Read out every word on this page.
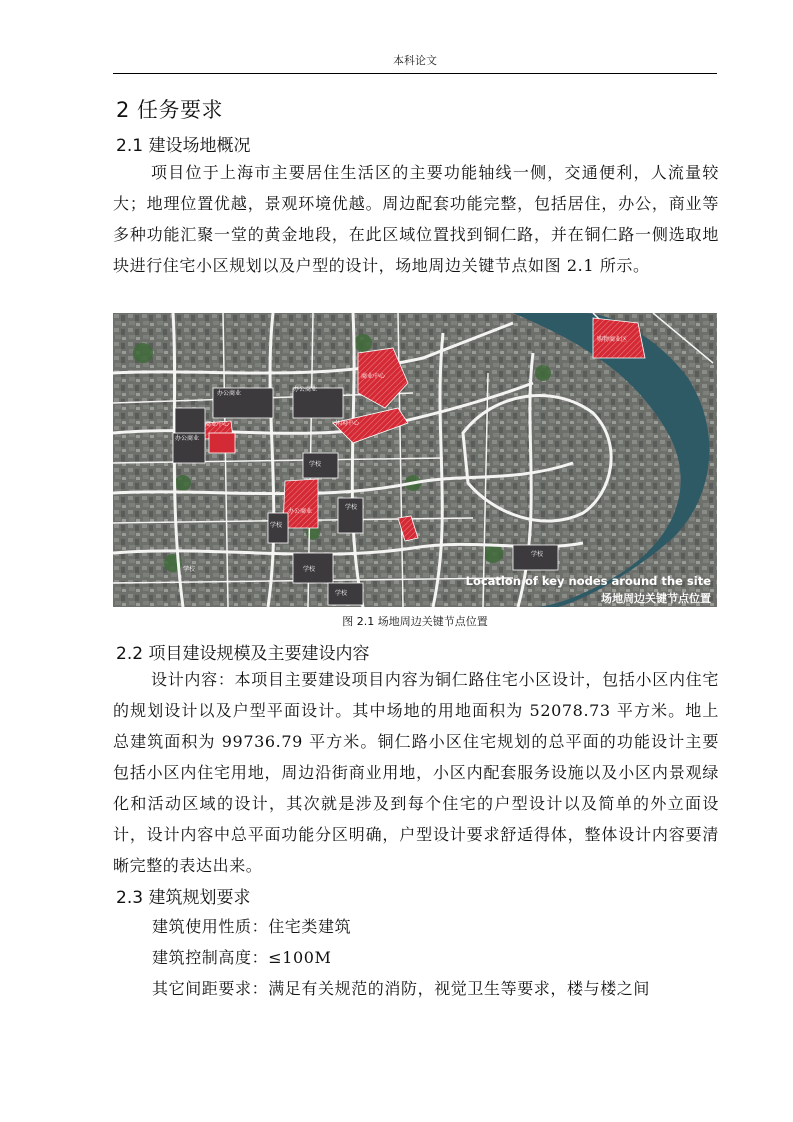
本科论文
2 任务要求
2.1 建设场地概况
项目位于上海市主要居住生活区的主要功能轴线一侧，交通便利，人流量较大；地理位置优越，景观环境优越。周边配套功能完整，包括居住，办公，商业等多种功能汇聚一堂的黄金地段，在此区域位置找到铜仁路，并在铜仁路一侧选取地块进行住宅小区规划以及户型的设计，场地周边关键节点如图 2.1 所示。
办公商业
办公商业
商业中心
商业中心
办公商业
休闲中心
学校
学校
学校
办公商业
学校
学校
学校
学校
购物商业区
Location of key nodes around the site
场地周边关键节点位置
图 2.1 场地周边关键节点位置
2.2 项目建设规模及主要建设内容
设计内容：本项目主要建设项目内容为铜仁路住宅小区设计，包括小区内住宅的规划设计以及户型平面设计。其中场地的用地面积为 52078.73 平方米。地上总建筑面积为 99736.79 平方米。铜仁路小区住宅规划的总平面的功能设计主要包括小区内住宅用地，周边沿街商业用地，小区内配套服务设施以及小区内景观绿化和活动区域的设计，其次就是涉及到每个住宅的户型设计以及简单的外立面设计，设计内容中总平面功能分区明确，户型设计要求舒适得体，整体设计内容要清晰完整的表达出来。
2.3 建筑规划要求
建筑使用性质：住宅类建筑
建筑控制高度：≤100M
其它间距要求：满足有关规范的消防，视觉卫生等要求，楼与楼之间
